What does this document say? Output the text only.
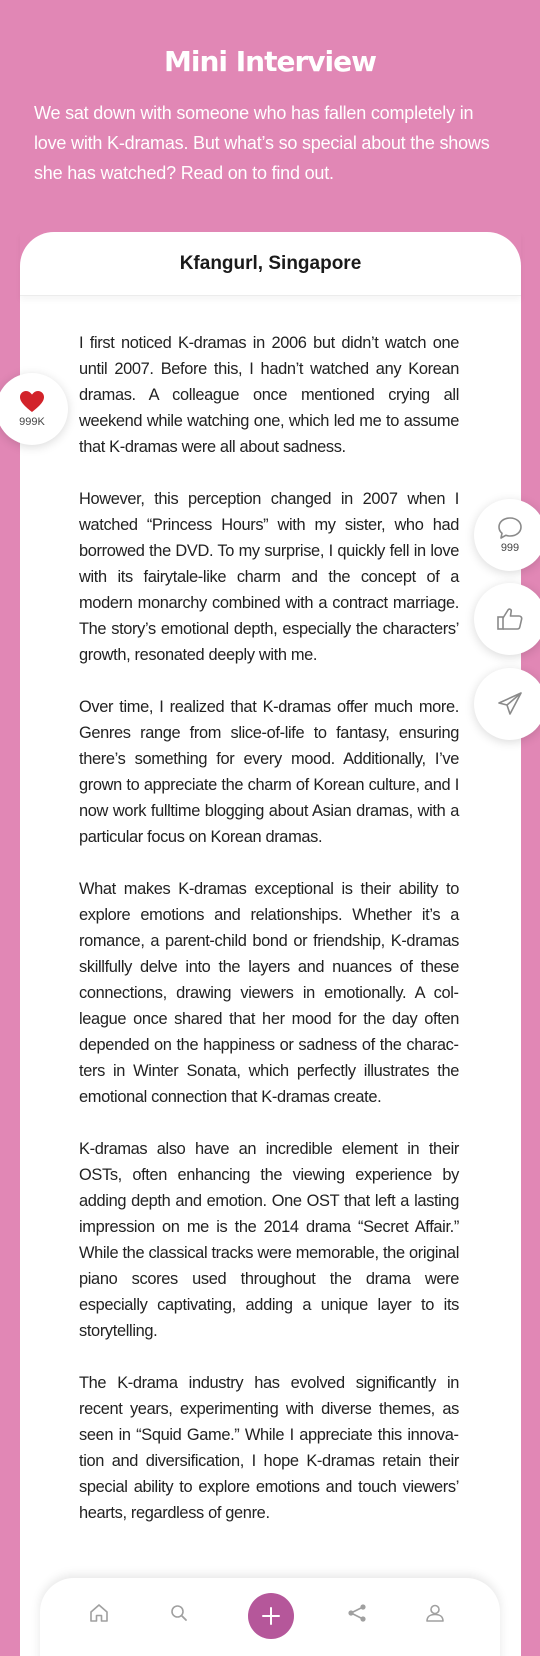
Mini Interview

We sat down with someone who has fallen completely in love with K-dramas. But what’s so special about the shows she has watched? Read on to find out.

Kfangurl, Singapore

I first noticed K-dramas in 2006 but didn’t watch one until 2007. Before this, I hadn’t watched any Korean dramas. A colleague once mentioned crying all weekend while watching one, which led me to assume that K-dramas were all about sadness.

However, this perception changed in 2007 when I watched “Princess Hours” with my sister, who had borrowed the DVD. To my surprise, I quickly fell in love with its fairytale-like charm and the concept of a modern monarchy combined with a contract marriage. The story’s emotional depth, especially the characters’ growth, resonated deeply with me.

Over time, I realized that K-dramas offer much more. Genres range from slice-of-life to fantasy, ensuring there’s something for every mood. Additionally, I’ve grown to appreciate the charm of Korean culture, and I now work fulltime blogging about Asian dramas, with a particular focus on Korean dramas.

What makes K-dramas exceptional is their ability to explore emotions and relationships. Whether it’s a romance, a parent-child bond or friendship, K-dramas skillfully delve into the layers and nuances of these connections, drawing viewers in emotionally. A colleague once shared that her mood for the day often depended on the happiness or sadness of the characters in Winter Sonata, which perfectly illustrates the emotional connection that K-dramas create.

K-dramas also have an incredible element in their OSTs, often enhancing the viewing experience by adding depth and emotion. One OST that left a lasting impression on me is the 2014 drama “Secret Affair.” While the classical tracks were memorable, the original piano scores used throughout the drama were especially captivating, adding a unique layer to its storytelling.

The K-drama industry has evolved significantly in recent years, experimenting with diverse themes, as seen in “Squid Game.” While I appreciate this innovation and diversification, I hope K-dramas retain their special ability to explore emotions and touch viewers’ hearts, regardless of genre.

999K
999
